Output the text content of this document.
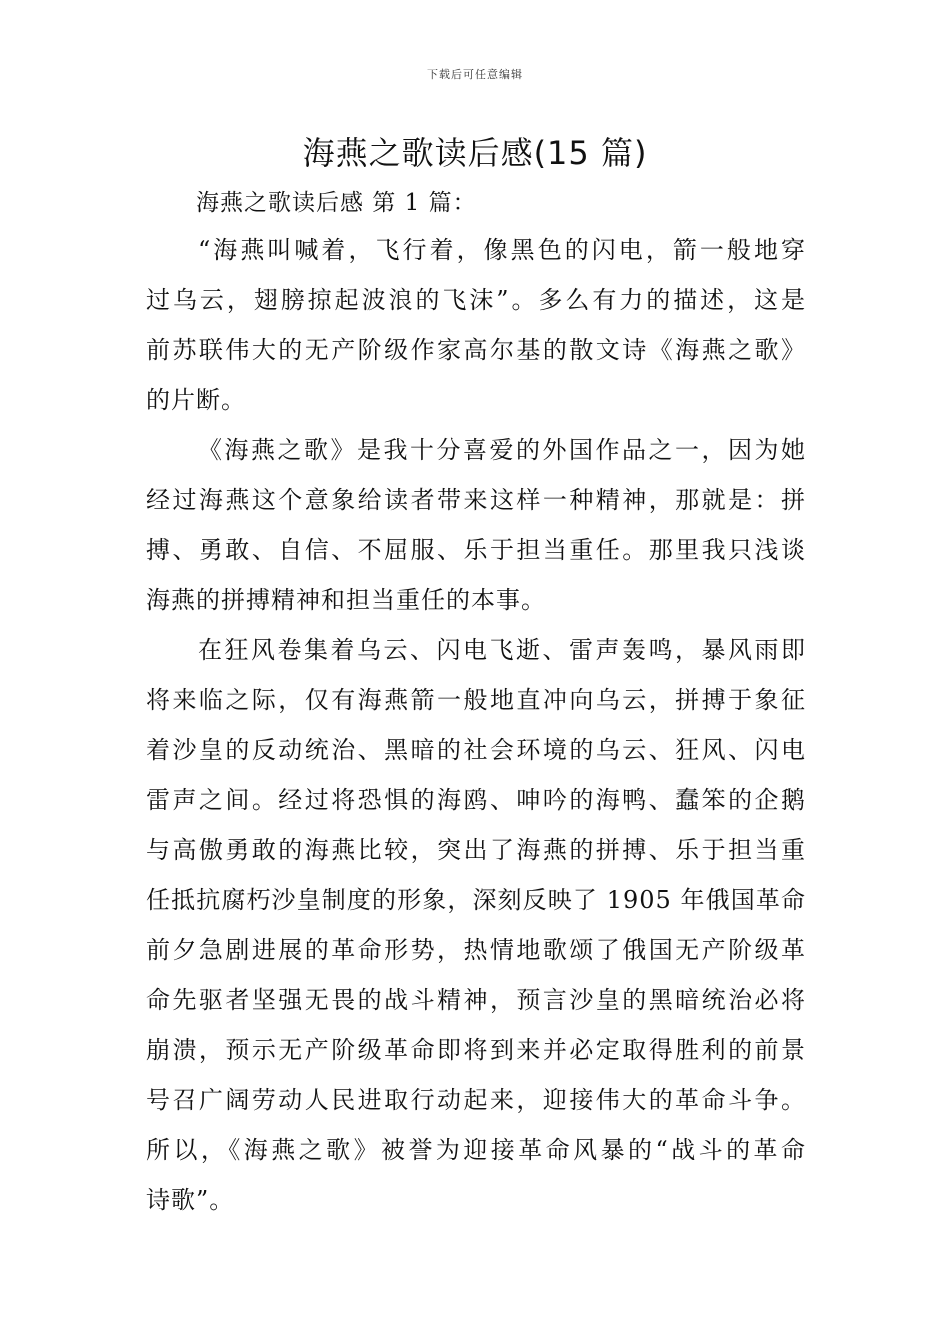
下载后可任意编辑
海燕之歌读后感(15 篇)
海燕之歌读后感 第 1 篇：
“海燕叫喊着，飞行着，像黑色的闪电，箭一般地穿
过乌云，翅膀掠起波浪的飞沫”。多么有力的描述，这是
前苏联伟大的无产阶级作家高尔基的散文诗《海燕之歌》
的片断。
《海燕之歌》是我十分喜爱的外国作品之一，因为她
经过海燕这个意象给读者带来这样一种精神，那就是：拼
搏、勇敢、自信、不屈服、乐于担当重任。那里我只浅谈
海燕的拼搏精神和担当重任的本事。
在狂风卷集着乌云、闪电飞逝、雷声轰鸣，暴风雨即
将来临之际，仅有海燕箭一般地直冲向乌云，拼搏于象征
着沙皇的反动统治、黑暗的社会环境的乌云、狂风、闪电
雷声之间。经过将恐惧的海鸥、呻吟的海鸭、蠢笨的企鹅
与高傲勇敢的海燕比较，突出了海燕的拼搏、乐于担当重
任抵抗腐朽沙皇制度的形象，深刻反映了 1905 年俄国革命
前夕急剧进展的革命形势，热情地歌颂了俄国无产阶级革
命先驱者坚强无畏的战斗精神，预言沙皇的黑暗统治必将
崩溃，预示无产阶级革命即将到来并必定取得胜利的前景
号召广阔劳动人民进取行动起来，迎接伟大的革命斗争。
所以，《海燕之歌》被誉为迎接革命风暴的“战斗的革命
诗歌”。
